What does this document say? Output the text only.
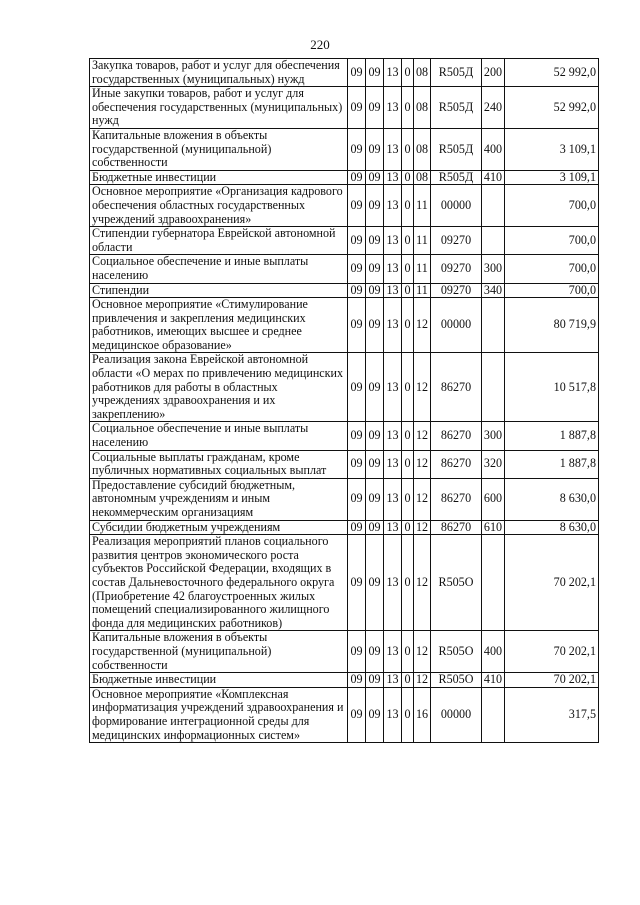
220
Закупка товаров, работ и услуг для обеспечения государственных (муниципальных) нужд	09	09	13	0	08	R505Д	200	52 992,0
Иные закупки товаров, работ и услуг для обеспечения государственных (муниципальных) нужд	09	09	13	0	08	R505Д	240	52 992,0
Капитальные вложения в объекты государственной (муниципальной) собственности	09	09	13	0	08	R505Д	400	3 109,1
Бюджетные инвестиции	09	09	13	0	08	R505Д	410	3 109,1
Основное мероприятие «Организация кадрового обеспечения областных государственных учреждений здравоохранения»	09	09	13	0	11	00000		700,0
Стипендии губернатора Еврейской автономной области	09	09	13	0	11	09270		700,0
Социальное обеспечение и иные выплаты населению	09	09	13	0	11	09270	300	700,0
Стипендии	09	09	13	0	11	09270	340	700,0
Основное мероприятие «Стимулирование привлечения и закрепления медицинских работников, имеющих высшее и среднее медицинское образование»	09	09	13	0	12	00000		80 719,9
Реализация закона Еврейской автономной области «О мерах по привлечению медицинских работников для работы в областных учреждениях здравоохранения и их закреплению»	09	09	13	0	12	86270		10 517,8
Социальное обеспечение и иные выплаты населению	09	09	13	0	12	86270	300	1 887,8
Социальные выплаты гражданам, кроме публичных нормативных социальных выплат	09	09	13	0	12	86270	320	1 887,8
Предоставление субсидий бюджетным, автономным учреждениям и иным некоммерческим организациям	09	09	13	0	12	86270	600	8 630,0
Субсидии бюджетным учреждениям	09	09	13	0	12	86270	610	8 630,0
Реализация мероприятий планов социального развития центров экономического роста субъектов Российской Федерации, входящих в состав Дальневосточного федерального округа (Приобретение 42 благоустроенных жилых помещений специализированного жилищного фонда для медицинских работников)	09	09	13	0	12	R505O		70 202,1
Капитальные вложения в объекты государственной (муниципальной) собственности	09	09	13	0	12	R505O	400	70 202,1
Бюджетные инвестиции	09	09	13	0	12	R505O	410	70 202,1
Основное мероприятие «Комплексная информатизация учреждений здравоохранения и формирование интеграционной среды для медицинских информационных систем»	09	09	13	0	16	00000		317,5
